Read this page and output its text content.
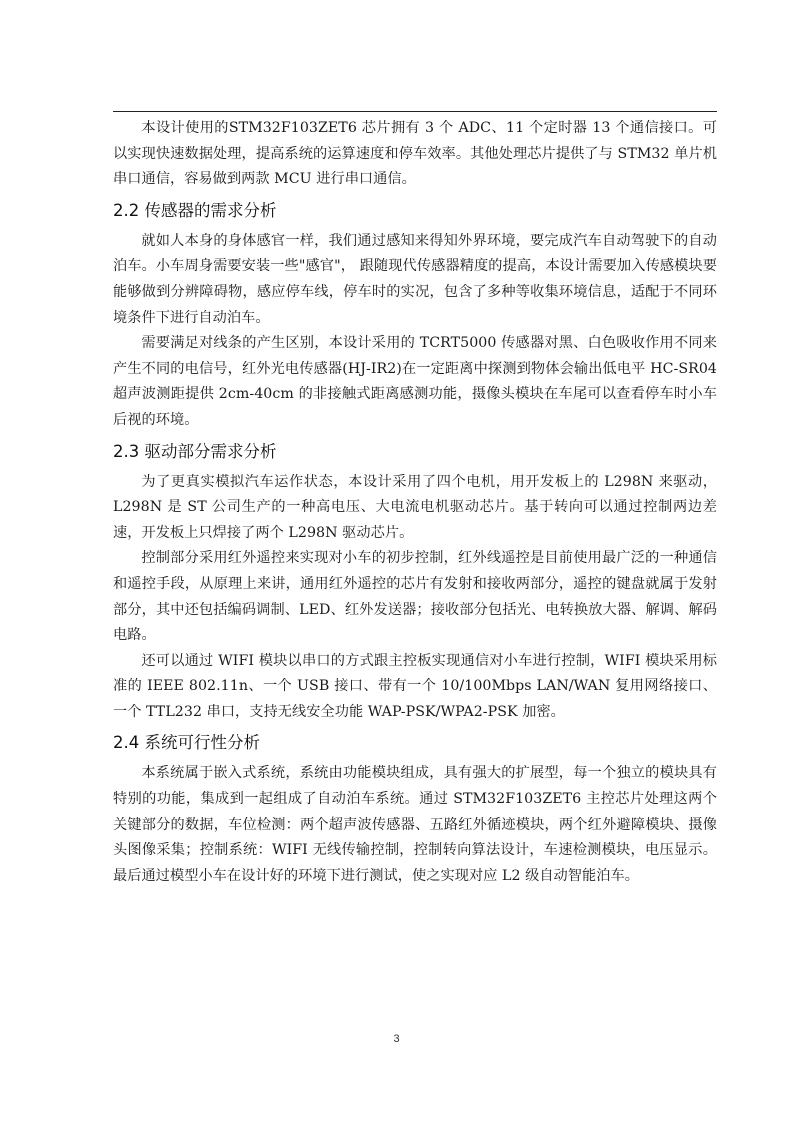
本设计使用的STM32F103ZET6 芯片拥有 3 个 ADC、11 个定时器 13 个通信接口。可以实现快速数据处理，提高系统的运算速度和停车效率。其他处理芯片提供了与 STM32 单片机串口通信，容易做到两款 MCU 进行串口通信。

2.2 传感器的需求分析

就如人本身的身体感官一样，我们通过感知来得知外界环境，要完成汽车自动驾驶下的自动泊车。小车周身需要安装一些"感官"， 跟随现代传感器精度的提高，本设计需要加入传感模块要能够做到分辨障碍物，感应停车线，停车时的实况，包含了多种等收集环境信息，适配于不同环境条件下进行自动泊车。

需要满足对线条的产生区别，本设计采用的 TCRT5000 传感器对黑、白色吸收作用不同来产生不同的电信号，红外光电传感器(HJ-IR2)在一定距离中探测到物体会输出低电平 HC-SR04 超声波测距提供 2cm-40cm 的非接触式距离感测功能，摄像头模块在车尾可以查看停车时小车后视的环境。

2.3 驱动部分需求分析

为了更真实模拟汽车运作状态，本设计采用了四个电机，用开发板上的 L298N 来驱动，L298N 是 ST 公司生产的一种高电压、大电流电机驱动芯片。基于转向可以通过控制两边差速，开发板上只焊接了两个 L298N 驱动芯片。

控制部分采用红外遥控来实现对小车的初步控制，红外线遥控是目前使用最广泛的一种通信和遥控手段，从原理上来讲，通用红外遥控的芯片有发射和接收两部分，遥控的键盘就属于发射部分，其中还包括编码调制、LED、红外发送器；接收部分包括光、电转换放大器、解调、解码电路。

还可以通过 WIFI 模块以串口的方式跟主控板实现通信对小车进行控制，WIFI 模块采用标准的 IEEE 802.11n、一个 USB 接口、带有一个 10/100Mbps LAN/WAN 复用网络接口、一个 TTL232 串口，支持无线安全功能 WAP-PSK/WPA2-PSK 加密。

2.4 系统可行性分析

本系统属于嵌入式系统，系统由功能模块组成，具有强大的扩展型，每一个独立的模块具有特别的功能，集成到一起组成了自动泊车系统。通过 STM32F103ZET6 主控芯片处理这两个关键部分的数据，车位检测：两个超声波传感器、五路红外循迹模块，两个红外避障模块、摄像头图像采集；控制系统：WIFI 无线传输控制，控制转向算法设计，车速检测模块，电压显示。最后通过模型小车在设计好的环境下进行测试，使之实现对应 L2 级自动智能泊车。

3
